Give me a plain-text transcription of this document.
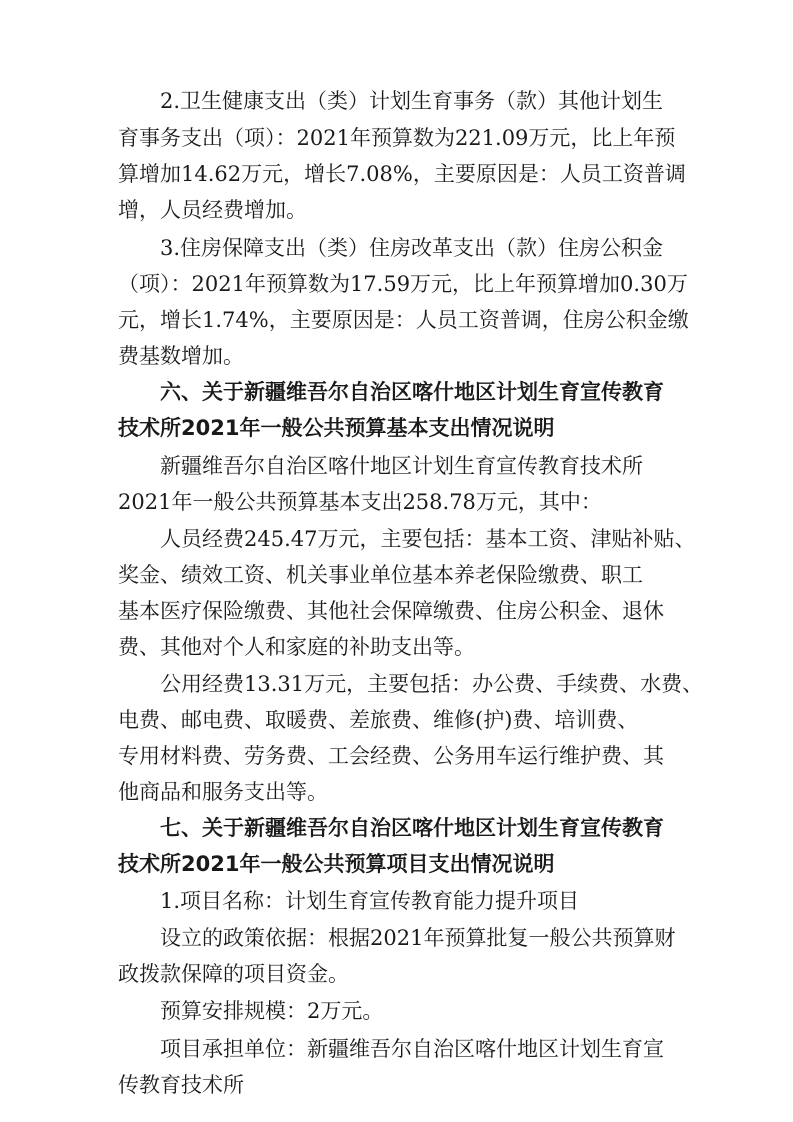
2.卫生健康支出（类）计划生育事务（款）其他计划生
育事务支出（项）：2021年预算数为221.09万元，比上年预
算增加14.62万元，增长7.08%，主要原因是：人员工资普调
增，人员经费增加。
3.住房保障支出（类）住房改革支出（款）住房公积金
（项）：2021年预算数为17.59万元，比上年预算增加0.30万
元，增长1.74%，主要原因是：人员工资普调，住房公积金缴
费基数增加。
六、关于新疆维吾尔自治区喀什地区计划生育宣传教育
技术所2021年一般公共预算基本支出情况说明
新疆维吾尔自治区喀什地区计划生育宣传教育技术所
2021年一般公共预算基本支出258.78万元，其中：
人员经费245.47万元，主要包括：基本工资、津贴补贴、
奖金、绩效工资、机关事业单位基本养老保险缴费、职工
基本医疗保险缴费、其他社会保障缴费、住房公积金、退休
费、其他对个人和家庭的补助支出等。
公用经费13.31万元，主要包括：办公费、手续费、水费、
电费、邮电费、取暖费、差旅费、维修(护)费、培训费、
专用材料费、劳务费、工会经费、公务用车运行维护费、其
他商品和服务支出等。
七、关于新疆维吾尔自治区喀什地区计划生育宣传教育
技术所2021年一般公共预算项目支出情况说明
1.项目名称：计划生育宣传教育能力提升项目
设立的政策依据：根据2021年预算批复一般公共预算财
政拨款保障的项目资金。
预算安排规模：2万元。
项目承担单位：新疆维吾尔自治区喀什地区计划生育宣
传教育技术所
